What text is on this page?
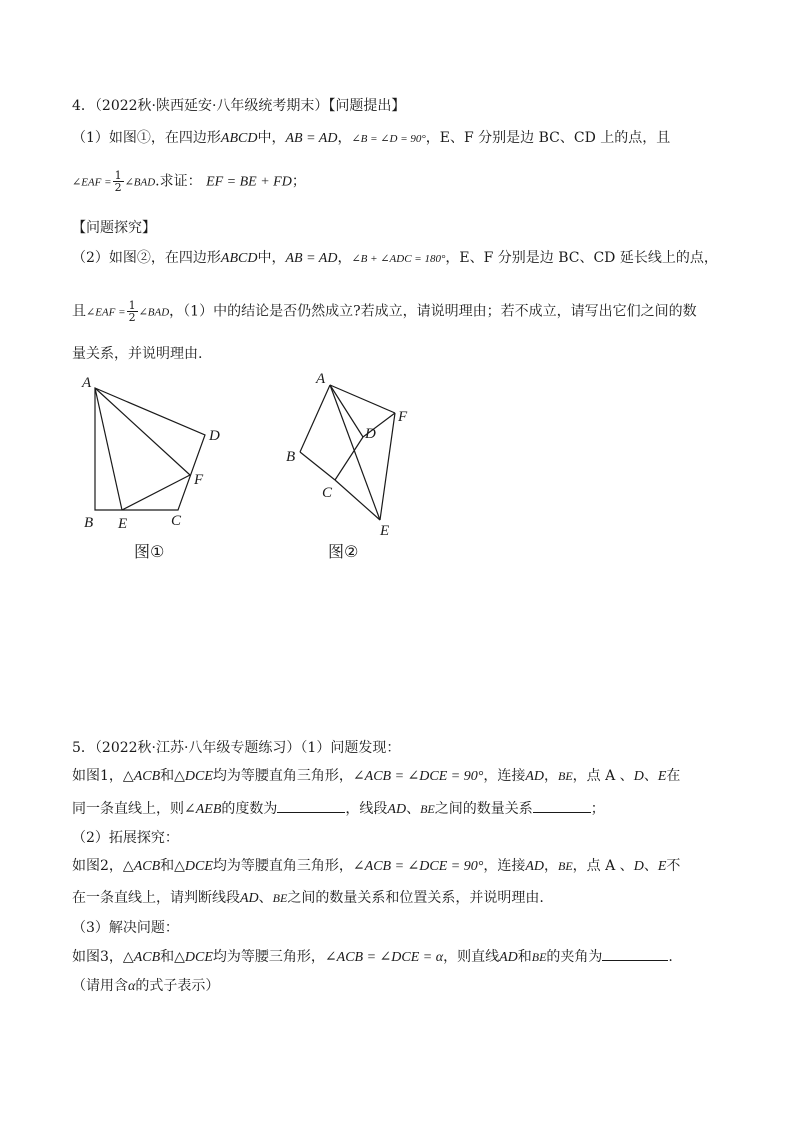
4．（2022秋·陕西延安·八年级统考期末）【问题提出】
（1）如图①，在四边形ABCD中，AB = AD，∠B = ∠D = 90°，E、F 分别是边 BC、CD 上的点，且
∠EAF = $\frac{1}{2}$ ∠BAD.求证： EF = BE + FD；
【问题探究】
（2）如图②，在四边形ABCD中，AB = AD，∠B + ∠ADC = 180°，E、F 分别是边 BC、CD 延长线上的点，
且∠EAF = $\frac{1}{2}$ ∠BAD，（1）中的结论是否仍然成立?若成立，请说明理由；若不成立，请写出它们之间的数
量关系，并说明理由.
A
D
F
B E	C
图①
A
B
C
D
F
E
图②
5．（2022秋·江苏·八年级专题练习）（1）问题发现：
如图1，△ACB和△DCE均为等腰直角三角形，∠ACB = ∠DCE = 90°，连接AD，BE，点 A 、D、E在
同一条直线上，则∠AEB的度数为	，线段AD、BE之间的数量关系	；
（2）拓展探究：
如图2，△ACB和△DCE均为等腰直角三角形，∠ACB = ∠DCE = 90°，连接AD，BE，点 A 、D、E不
在一条直线上，请判断线段AD、BE之间的数量关系和位置关系，并说明理由.
（3）解决问题：
如图3，△ACB和△DCE均为等腰三角形，∠ACB = ∠DCE = α，则直线AD和BE的夹角为	.
（请用含α的式子表示）
